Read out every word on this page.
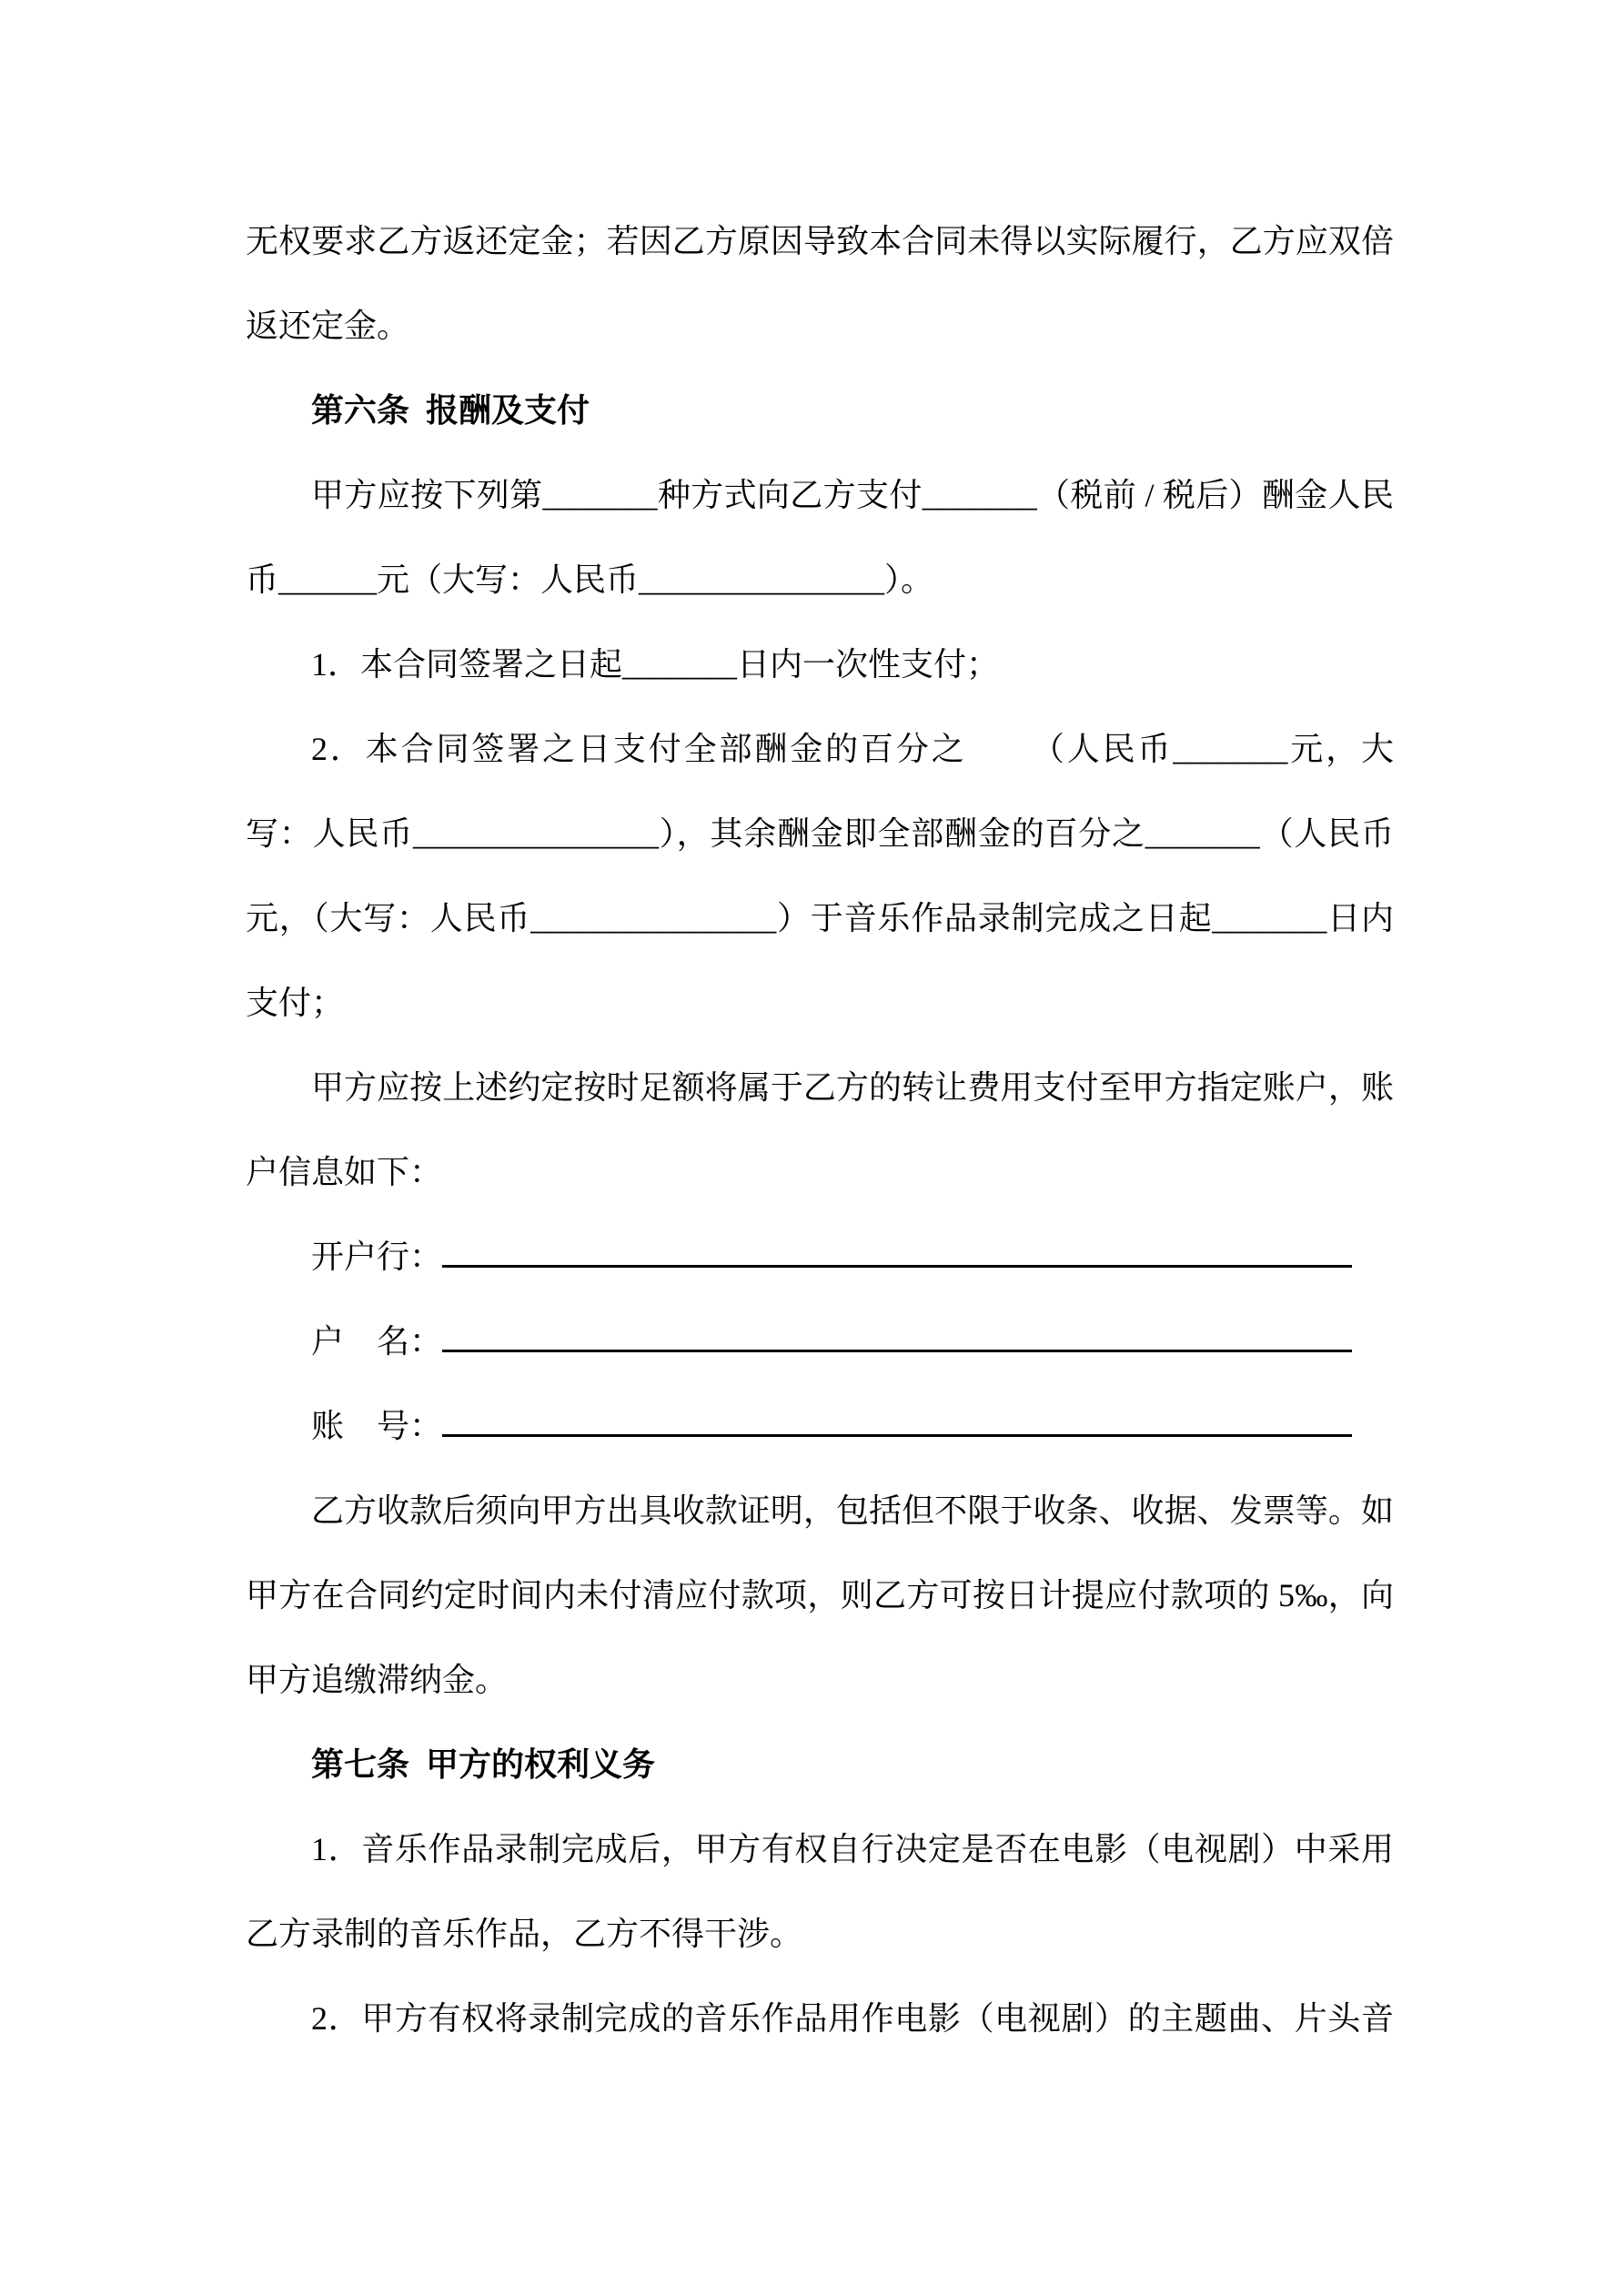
无权要求乙方返还定金；若因乙方原因导致本合同未得以实际履行，乙方应双倍
返还定金。
第六条  报酬及支付
甲方应按下列第_______种方式向乙方支付_______（税前 / 税后）酬金人民
币______元（大写：人民币_______________）。
1．本合同签署之日起_______日内一次性支付；
2．本合同签署之日支付全部酬金的百分之      （人民币_______元，大
写：人民币_______________），其余酬金即全部酬金的百分之_______（人民币
元，（大写：人民币_______________）于音乐作品录制完成之日起_______日内
支付；
甲方应按上述约定按时足额将属于乙方的转让费用支付至甲方指定账户，账
户信息如下：
开户行：
户　名：
账　号：
乙方收款后须向甲方出具收款证明，包括但不限于收条、收据、发票等。如
甲方在合同约定时间内未付清应付款项，则乙方可按日计提应付款项的 5‰，向
甲方追缴滞纳金。
第七条  甲方的权利义务
1．音乐作品录制完成后，甲方有权自行决定是否在电影（电视剧）中采用
乙方录制的音乐作品，乙方不得干涉。
2．甲方有权将录制完成的音乐作品用作电影（电视剧）的主题曲、片头音
